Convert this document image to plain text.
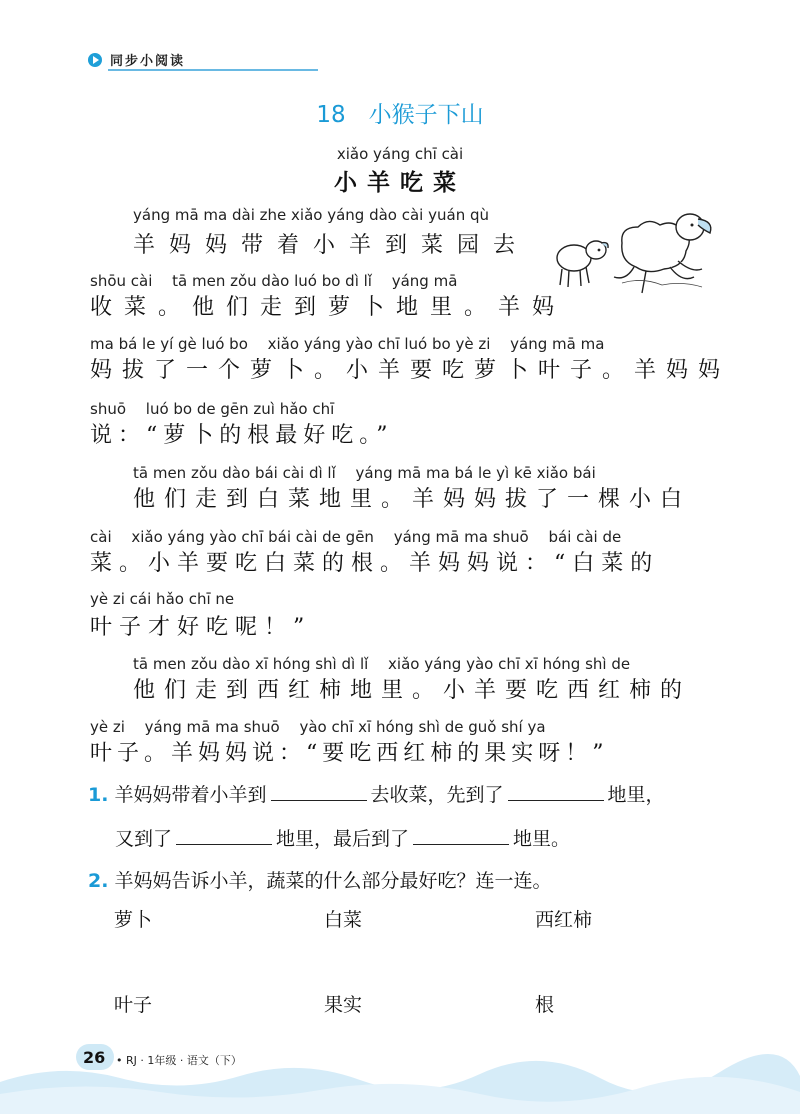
同步小阅读
18　小猴子下山
xiǎo yáng chī cài
小羊吃菜
yáng mā ma dài zhe xiǎo yáng dào cài yuán qù
羊妈妈带着小羊到菜园去
shōu cài　 tā men zǒu dào luó bo dì lǐ　 yáng mā
收菜。他们走到萝卜地里。羊妈
ma bá le yí gè luó bo　 xiǎo yáng yào chī luó bo yè zi　 yáng mā ma
妈拔了一个萝卜。小羊要吃萝卜叶子。羊妈妈
shuō　 luó bo de gēn zuì hǎo chī
说：“萝卜的根最好吃。”
tā men zǒu dào bái cài dì lǐ　 yáng mā ma bá le yì kē xiǎo bái
他们走到白菜地里。羊妈妈拔了一棵小白
cài　 xiǎo yáng yào chī bái cài de gēn　 yáng mā ma shuō　 bái cài de
菜。小羊要吃白菜的根。羊妈妈说：“白菜的
yè zi cái hǎo chī ne
叶子才好吃呢！”
tā men zǒu dào xī hóng shì dì lǐ　 xiǎo yáng yào chī xī hóng shì de
他们走到西红柿地里。小羊要吃西红柿的
yè zi　 yáng mā ma shuō　 yào chī xī hóng shì de guǒ shí ya
叶子。羊妈妈说：“要吃西红柿的果实呀！”
1. 羊妈妈带着小羊到	去收菜，先到了	地里，
又到了	地里，最后到了	地里。
2. 羊妈妈告诉小羊，蔬菜的什么部分最好吃？连一连。
萝卜	白菜	西红柿
叶子	果实	根
26 • RJ · 1年级 · 语文（下）
